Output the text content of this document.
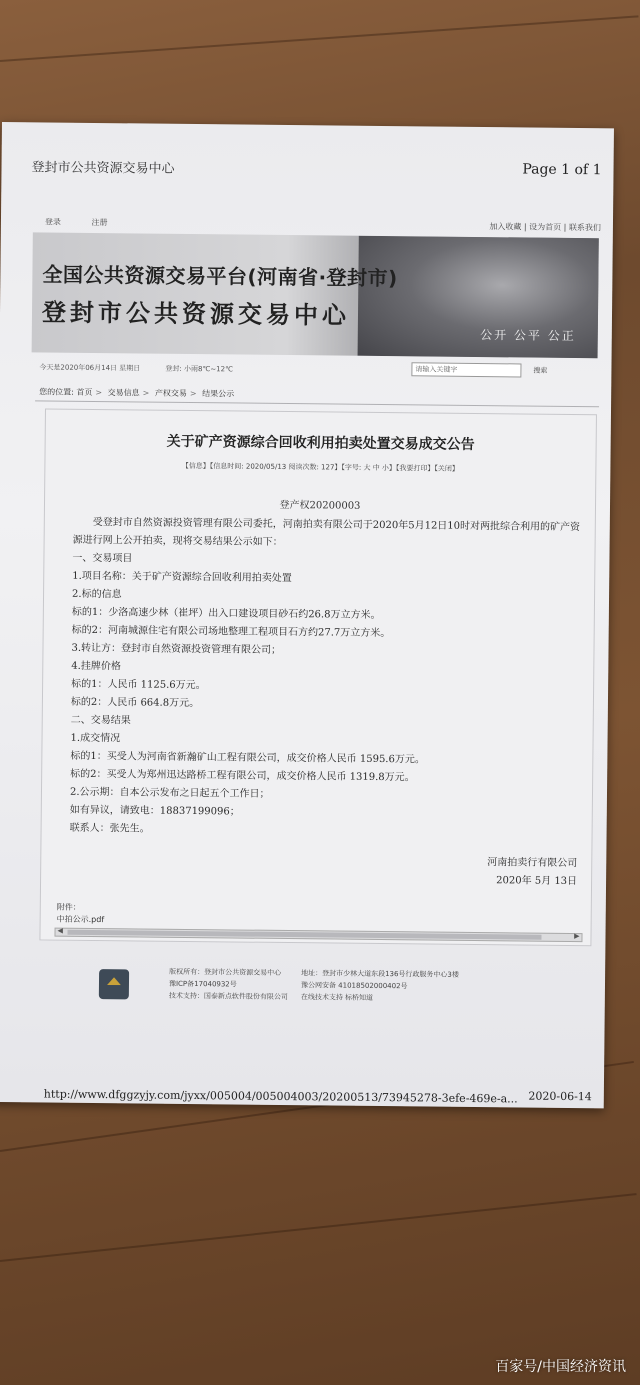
登封市公共资源交易中心	Page 1 of 1
登录	注册	加入收藏 | 设为首页 | 联系我们
全国公共资源交易平台(河南省·登封市)
登封市公共资源交易中心
公开 公平 公正
今天是2020年06月14日 星期日	登封: 小雨8℃~12℃	请输入关键字	搜索
您的位置: 首页 > 交易信息 > 产权交易 > 结果公示
关于矿产资源综合回收利用拍卖处置交易成交公告
【信息】【信息时间: 2020/05/13 阅读次数: 127】【字号: 大 中 小】【我要打印】【关闭】
登产权20200003

受登封市自然资源投资管理有限公司委托，河南拍卖有限公司于2020年5月12日10时对两批综合利用的矿产资源进行网上公开拍卖，现将交易结果公示如下：

一、交易项目

1.项目名称：关于矿产资源综合回收利用拍卖处置

2.标的信息

标的1：少洛高速少林（崔坪）出入口建设项目砂石约26.8万立方米。

标的2：河南城源住宅有限公司场地整理工程项目石方约27.7万立方米。

3.转让方：登封市自然资源投资管理有限公司；

4.挂牌价格

标的1：人民币 1125.6万元。

标的2：人民币 664.8万元。

二、交易结果

1.成交情况

标的1：买受人为河南省新瀚矿山工程有限公司，成交价格人民币 1595.6万元。

标的2：买受人为郑州迅达路桥工程有限公司，成交价格人民币 1319.8万元。

2.公示期：自本公示发布之日起五个工作日；

如有异议，请致电：18837199096；

联系人：张先生。

河南拍卖行有限公司
2020年 5月 13日
附件：
中拍公示.pdf
◀
▶
版权所有：登封市公共资源交易中心
豫ICP备17040932号
技术支持：国泰新点软件股份有限公司
地址：登封市少林大道东段136号行政服务中心3楼
豫公网安备 41018502000402号
在线技术支持 标桥知道
http://www.dfggzyjy.com/jyxx/005004/005004003/20200513/73945278-3efe-469e-a... 2020-06-14
百家号/中国经济资讯
